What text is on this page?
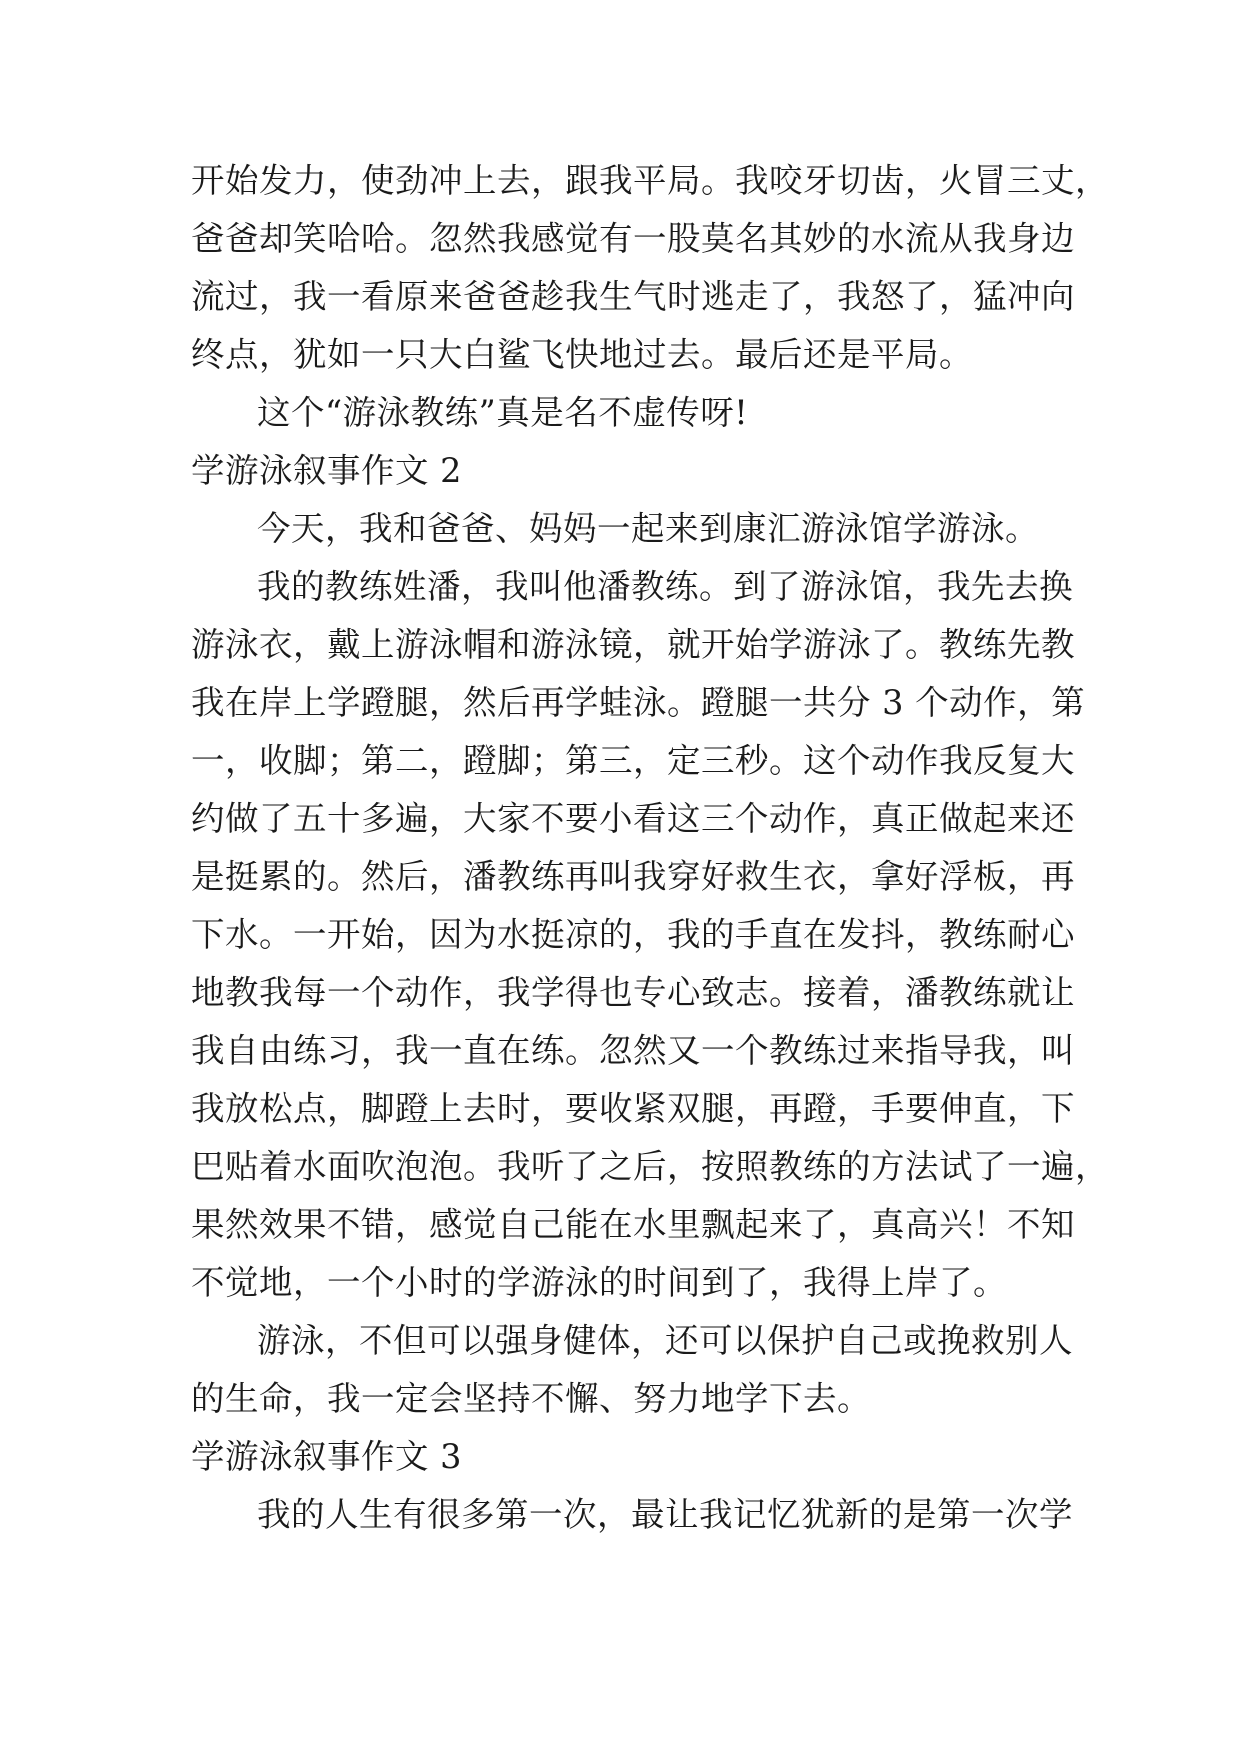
开始发力，使劲冲上去，跟我平局。我咬牙切齿，火冒三丈，
爸爸却笑哈哈。忽然我感觉有一股莫名其妙的水流从我身边
流过，我一看原来爸爸趁我生气时逃走了，我怒了，猛冲向
终点，犹如一只大白鲨飞快地过去。最后还是平局。
这个“游泳教练”真是名不虚传呀!
学游泳叙事作文 2
今天，我和爸爸、妈妈一起来到康汇游泳馆学游泳。
我的教练姓潘，我叫他潘教练。到了游泳馆，我先去换
游泳衣，戴上游泳帽和游泳镜，就开始学游泳了。教练先教
我在岸上学蹬腿，然后再学蛙泳。蹬腿一共分 3 个动作，第
一，收脚；第二，蹬脚；第三，定三秒。这个动作我反复大
约做了五十多遍，大家不要小看这三个动作，真正做起来还
是挺累的。然后，潘教练再叫我穿好救生衣，拿好浮板，再
下水。一开始，因为水挺凉的，我的手直在发抖，教练耐心
地教我每一个动作，我学得也专心致志。接着，潘教练就让
我自由练习，我一直在练。忽然又一个教练过来指导我，叫
我放松点，脚蹬上去时，要收紧双腿，再蹬，手要伸直，下
巴贴着水面吹泡泡。我听了之后，按照教练的方法试了一遍，
果然效果不错，感觉自己能在水里飘起来了，真高兴！不知
不觉地，一个小时的学游泳的时间到了，我得上岸了。
游泳，不但可以强身健体，还可以保护自己或挽救别人
的生命，我一定会坚持不懈、努力地学下去。
学游泳叙事作文 3
我的人生有很多第一次，最让我记忆犹新的是第一次学
